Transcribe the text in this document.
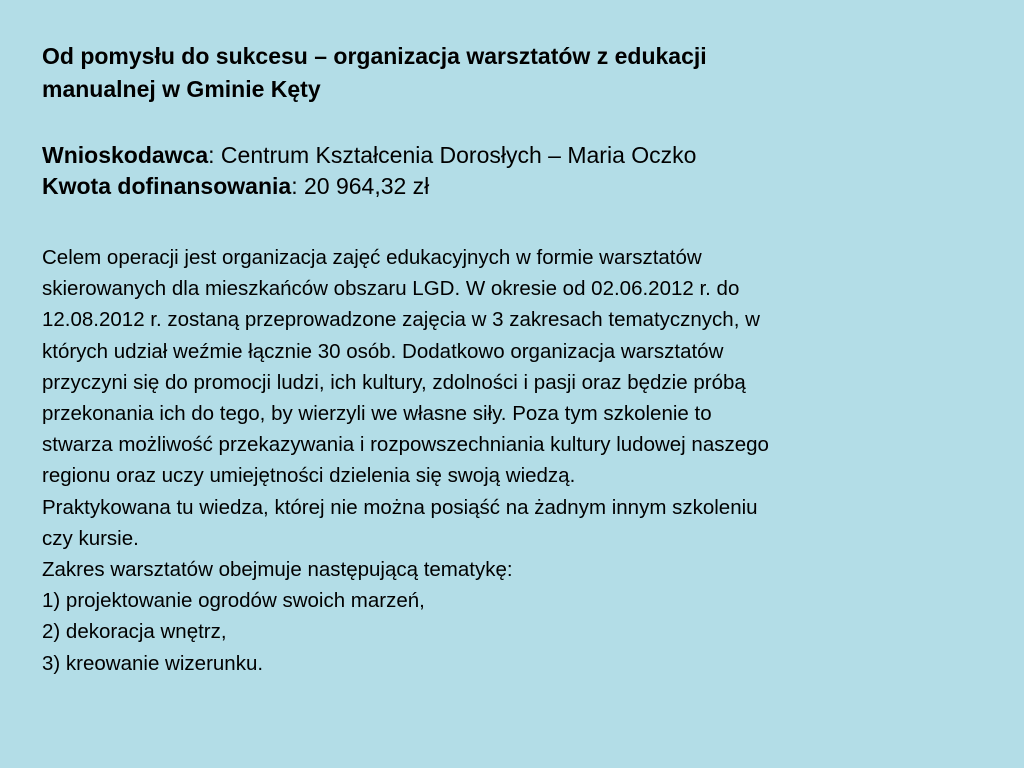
Od pomysłu do sukcesu – organizacja warsztatów z edukacji
manualnej w Gminie Kęty
Wnioskodawca: Centrum Kształcenia Dorosłych – Maria Oczko
Kwota dofinansowania: 20 964,32 zł

Celem operacji jest organizacja zajęć edukacyjnych w formie warsztatów
skierowanych dla mieszkańców obszaru LGD. W okresie od 02.06.2012 r. do
12.08.2012 r. zostaną przeprowadzone zajęcia w 3 zakresach tematycznych, w
których udział weźmie łącznie 30 osób. Dodatkowo organizacja warsztatów
przyczyni się do promocji ludzi, ich kultury, zdolności i pasji oraz będzie próbą
przekonania ich do tego, by wierzyli we własne siły. Poza tym szkolenie to
stwarza możliwość przekazywania i rozpowszechniania kultury ludowej naszego
regionu oraz uczy umiejętności dzielenia się swoją wiedzą.

Praktykowana tu wiedza, której nie można posiąść na żadnym innym szkoleniu
czy kursie.

Zakres warsztatów obejmuje następującą tematykę:

1) projektowanie ogrodów swoich marzeń,
2) dekoracja wnętrz,
3) kreowanie wizerunku.
